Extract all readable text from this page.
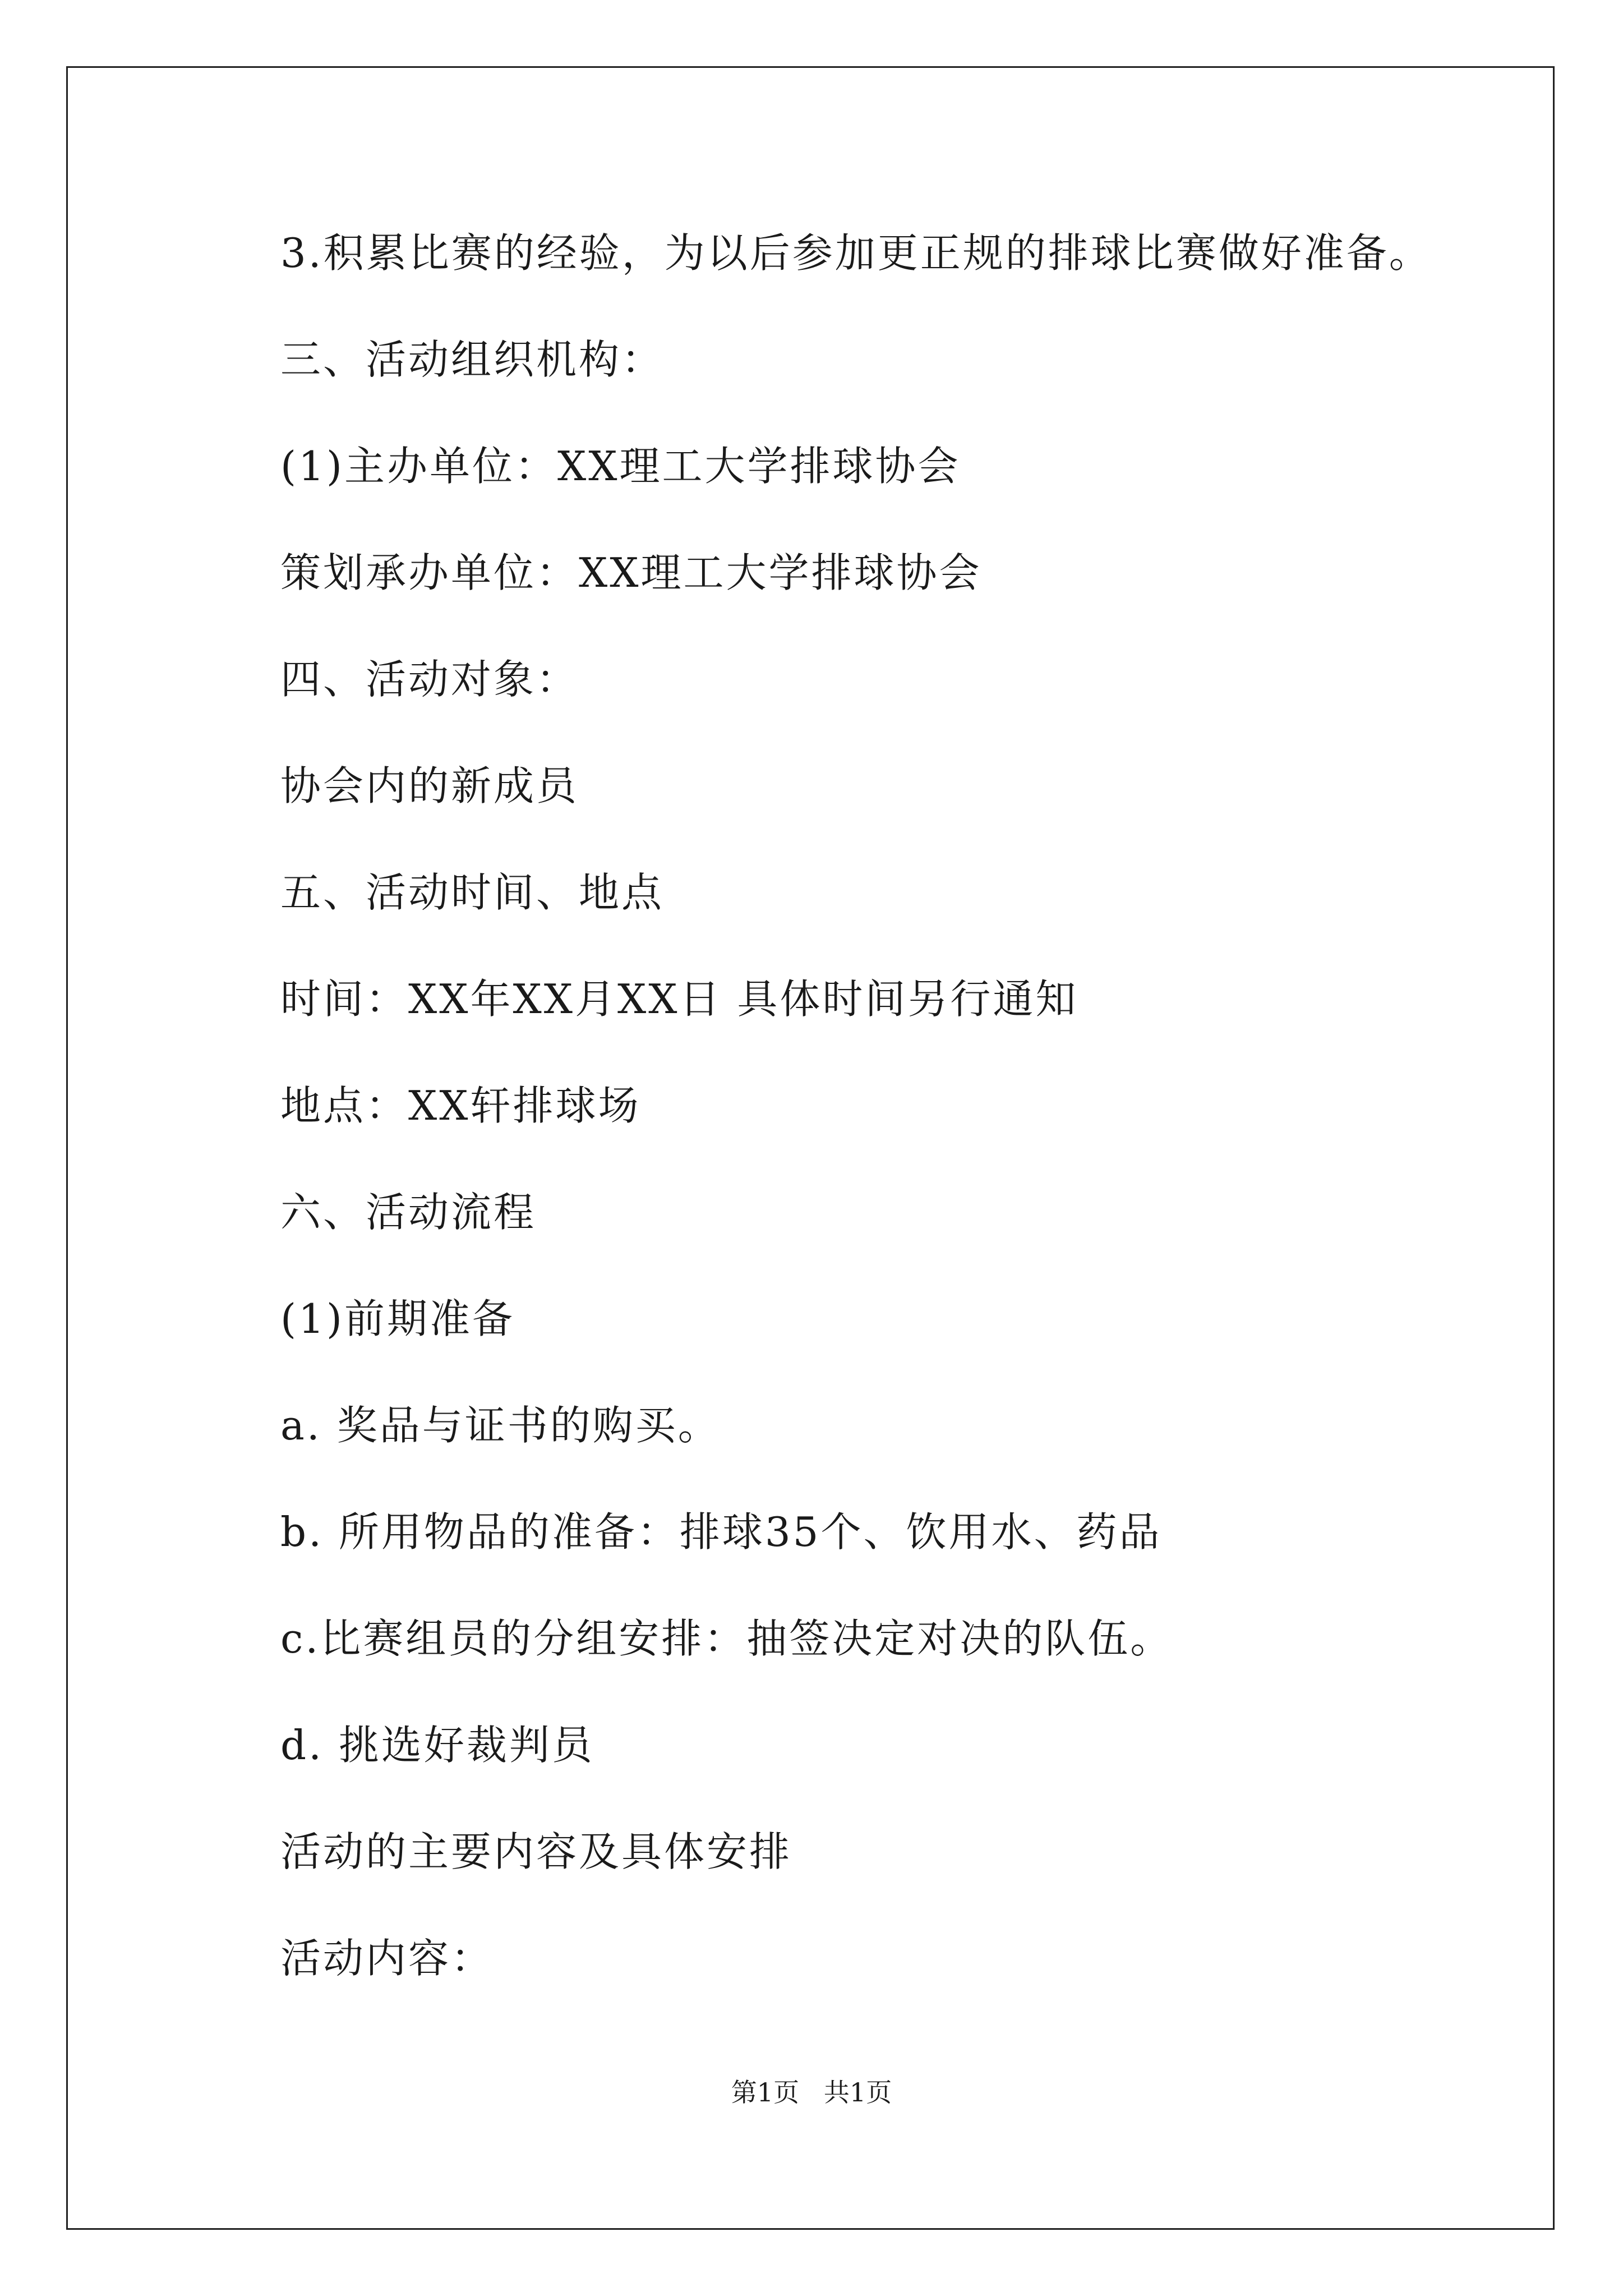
3.积累比赛的经验，为以后参加更正规的排球比赛做好准备。
三、活动组织机构：
(1)主办单位：XX理工大学排球协会
策划承办单位：XX理工大学排球协会
四、活动对象：
协会内的新成员
五、活动时间、地点
时间：XX年XX月XX日 具体时间另行通知
地点：XX轩排球场
六、活动流程
(1)前期准备
a. 奖品与证书的购买。
b. 所用物品的准备：排球35个、饮用水、药品
c.比赛组员的分组安排：抽签决定对决的队伍。
d. 挑选好裁判员
活动的主要内容及具体安排
活动内容：
第1页   共1页
